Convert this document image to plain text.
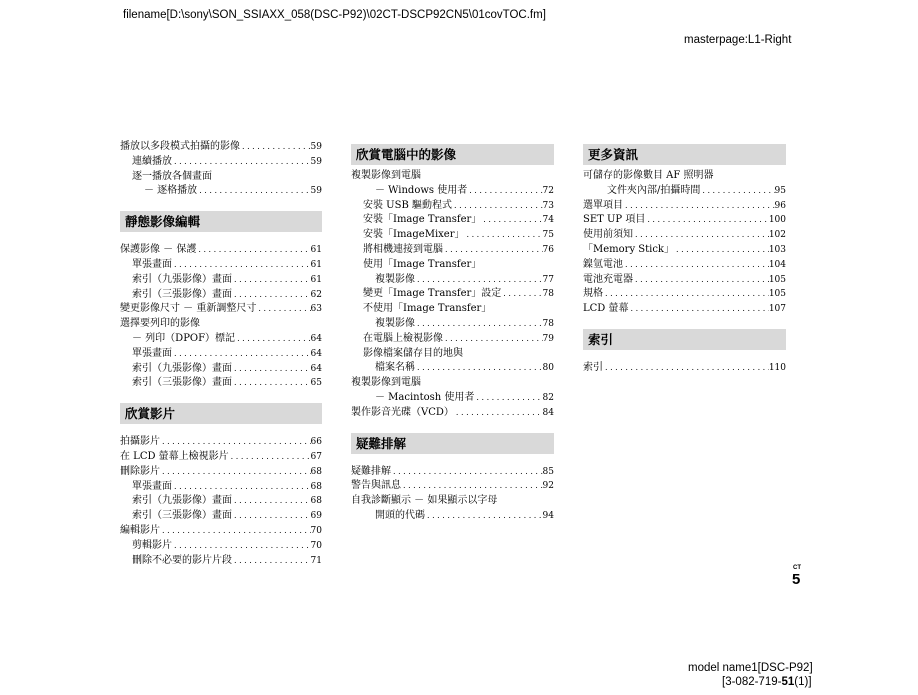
filename[D:\sony\SON_SSIAXX_058(DSC-P92)\02CT-DSCP92CN5\01covTOC.fm]
masterpage:L1-Right
播放以多段模式拍攝的影像 . . .	59
連續播放 . . .	59
逐一播放各個畫面
－ 逐格播放 . . .	59
靜態影像編輯
保護影像 － 保護 . . .	61
單張畫面 . . .	61
索引（九張影像）畫面 . . .	61
索引（三張影像）畫面 . . .	62
變更影像尺寸 － 重新調整尺寸 . . .	63
選擇要列印的影像
－ 列印（DPOF）標記 . . .	64
單張畫面 . . .	64
索引（九張影像）畫面 . . .	64
索引（三張影像）畫面 . . .	65
欣賞影片
拍攝影片 . . .	66
在 LCD 螢幕上檢視影片 . . .	67
刪除影片 . . .	68
單張畫面 . . .	68
索引（九張影像）畫面 . . .	68
索引（三張影像）畫面 . . .	69
編輯影片 . . .	70
剪輯影片 . . .	70
刪除不必要的影片片段 . . .	71
欣賞電腦中的影像
複製影像到電腦
－ Windows 使用者 . . .	72
安裝 USB 驅動程式 . . .	73
安裝「Image Transfer」 . . .	74
安裝「ImageMixer」 . . .	75
將相機連接到電腦 . . .	76
使用「Image Transfer」
複製影像 . . .	77
變更「Image Transfer」設定 . . .	78
不使用「Image Transfer」
複製影像 . . .	78
在電腦上檢視影像 . . .	79
影像檔案儲存目的地與
檔案名稱 . . .	80
複製影像到電腦
－ Macintosh 使用者 . . .	82
製作影音光碟（VCD） . . .	84
疑難排解
疑難排解 . . .	85
警告與訊息 . . .	92
自我診斷顯示 － 如果顯示以字母
開頭的代碼 . . .	94
更多資訊
可儲存的影像數目 AF 照明器
文件夾內部/拍攝時間 . . .	95
選單項目 . . .	96
SET UP 項目 . . .	100
使用前須知 . . .	102
「Memory Stick」 . . .	103
鎳氫電池 . . .	104
電池充電器 . . .	105
規格 . . .	105
LCD 螢幕 . . .	107
索引
索引 . . .	110
CT
5
model name1[DSC-P92]
[3-082-719-51(1)]
